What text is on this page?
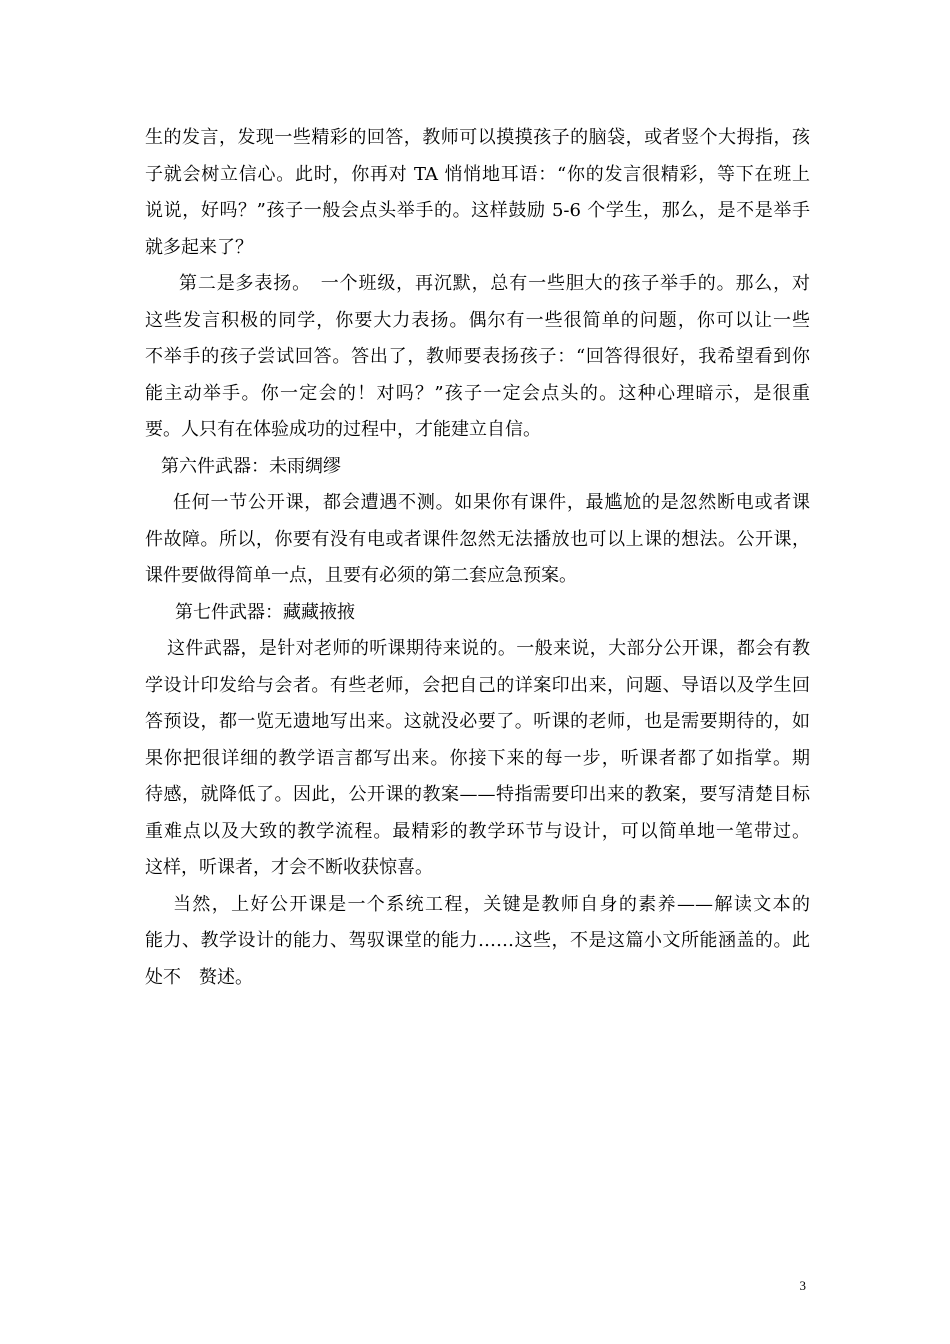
生的发言，发现一些精彩的回答，教师可以摸摸孩子的脑袋，或者竖个大拇指，孩
子就会树立信心。此时，你再对 TA 悄悄地耳语：“你的发言很精彩，等下在班上
说说，好吗？”孩子一般会点头举手的。这样鼓励 5-6 个学生，那么，是不是举手
就多起来了？
第二是多表扬。　一个班级，再沉默，总有一些胆大的孩子举手的。那么，对
这些发言积极的同学，你要大力表扬。偶尔有一些很简单的问题，你可以让一些
不举手的孩子尝试回答。答出了，教师要表扬孩子：“回答得很好，我希望看到你
能主动举手。你一定会的！对吗？”孩子一定会点头的。这种心理暗示，是很重
要。人只有在体验成功的过程中，才能建立自信。
第六件武器：未雨绸缪
任何一节公开课，都会遭遇不测。如果你有课件，最尴尬的是忽然断电或者课
件故障。所以，你要有没有电或者课件忽然无法播放也可以上课的想法。公开课，
课件要做得简单一点，且要有必须的第二套应急预案。
第七件武器：藏藏掖掖
这件武器，是针对老师的听课期待来说的。一般来说，大部分公开课，都会有教
学设计印发给与会者。有些老师，会把自己的详案印出来，问题、导语以及学生回
答预设，都一览无遗地写出来。这就没必要了。听课的老师，也是需要期待的，如
果你把很详细的教学语言都写出来。你接下来的每一步，听课者都了如指掌。期
待感，就降低了。因此，公开课的教案——特指需要印出来的教案，要写清楚目标
重难点以及大致的教学流程。最精彩的教学环节与设计，可以简单地一笔带过。
这样，听课者，才会不断收获惊喜。
当然，上好公开课是一个系统工程，关键是教师自身的素养——解读文本的
能力、教学设计的能力、驾驭课堂的能力……这些，不是这篇小文所能涵盖的。此
处不　赘述。
3
